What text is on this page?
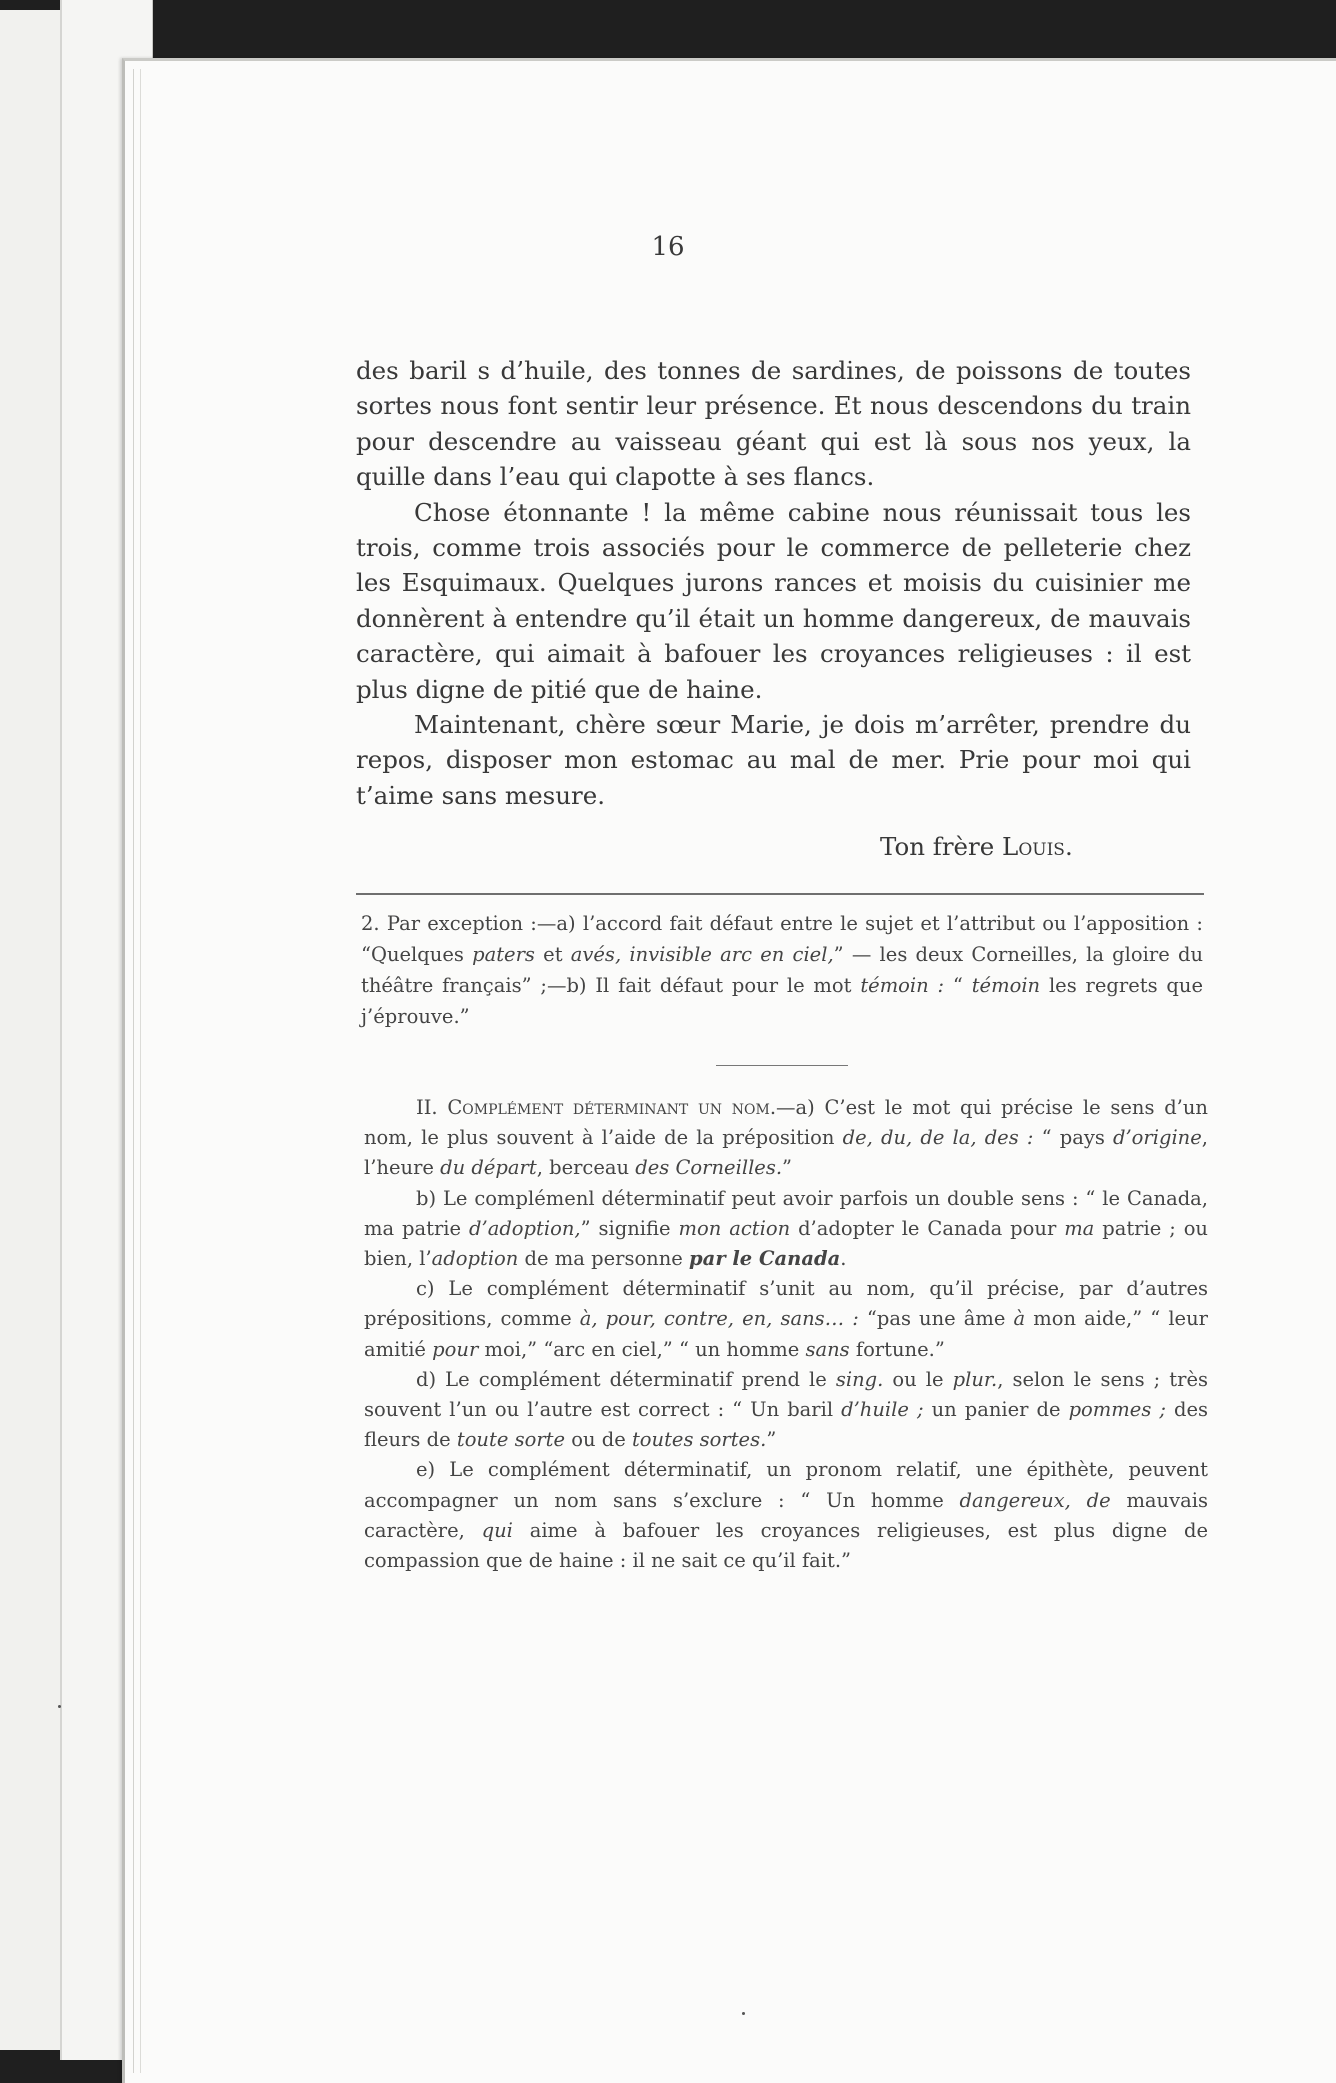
16

des baril s d’huile, des tonnes de sardines, de poissons de toutes sortes nous font sentir leur présence. Et nous descendons du train pour descendre au vaisseau géant qui est là sous nos yeux, la quille dans l’eau qui clapotte à ses flancs.

Chose étonnante ! la même cabine nous réunissait tous les trois, comme trois associés pour le commerce de pelleterie chez les Esquimaux. Quelques jurons rances et moisis du cuisinier me donnèrent à entendre qu’il était un homme dangereux, de mauvais caractère, qui aimait à bafouer les croyances religieuses : il est plus digne de pitié que de haine.

Maintenant, chère sœur Marie, je dois m’arrêter, prendre du repos, disposer mon estomac au mal de mer. Prie pour moi qui t’aime sans mesure.

Ton frère Louis.

2. Par exception :—a) l’accord fait défaut entre le sujet et l’attribut ou l’apposition : “Quelques paters et avés, invisible arc en ciel,” — les deux Corneilles, la gloire du théâtre français” ;—b) Il fait défaut pour le mot témoin : “ témoin les regrets que j’éprouve.”

II. Complément déterminant un nom.—a) C’est le mot qui précise le sens d’un nom, le plus souvent à l’aide de la préposition de, du, de la, des : “ pays d’origine, l’heure du départ, berceau des Corneilles.”

b) Le complémenl déterminatif peut avoir parfois un double sens : “ le Canada, ma patrie d’adoption,” signifie mon action d’adopter le Canada pour ma patrie ; ou bien, l’adoption de ma personne par le Canada.

c) Le complément déterminatif s’unit au nom, qu’il précise, par d’autres prépositions, comme à, pour, contre, en, sans… : “pas une âme à mon aide,” “ leur amitié pour moi,” “arc en ciel,” “ un homme sans fortune.”

d) Le complément déterminatif prend le sing. ou le plur., selon le sens ; très souvent l’un ou l’autre est correct : “ Un baril d’huile ; un panier de pommes ; des fleurs de toute sorte ou de toutes sortes.”

e) Le complément déterminatif, un pronom relatif, une épithète, peuvent accompagner un nom sans s’exclure : “ Un homme dangereux, de mauvais caractère, qui aime à bafouer les croyances religieuses, est plus digne de compassion que de haine : il ne sait ce qu’il fait.”
